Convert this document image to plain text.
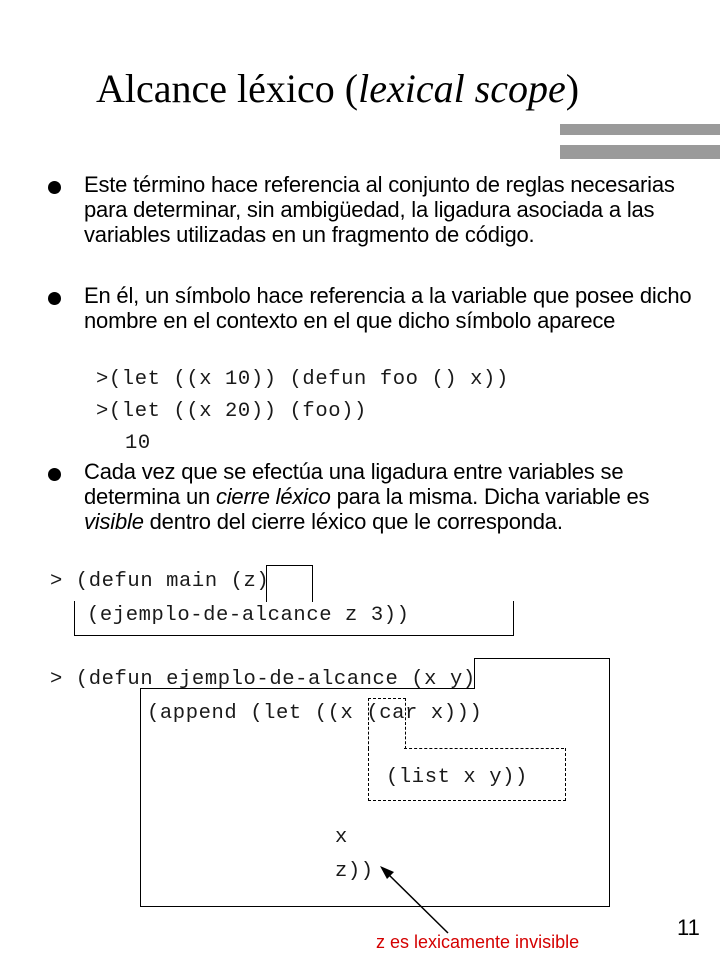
Alcance léxico (lexical scope)
Este término hace referencia al conjunto de reglas necesarias para determinar, sin ambigüedad, la ligadura asociada a las variables utilizadas en un fragmento de código.
En él, un símbolo hace referencia a la variable que posee dicho nombre en el contexto en el que dicho símbolo aparece
>(let ((x 10)) (defun foo () x))
>(let ((x 20)) (foo))
10
Cada vez que se efectúa una ligadura entre variables se determina un cierre léxico para la misma. Dicha variable es visible dentro del cierre léxico que le corresponda.
> (defun main (z)
(ejemplo-de-alcance z 3))
> (defun ejemplo-de-alcance (x y)
(append (let ((x (car x)))
(list x y))
x
z))
z es lexicamente invisible
11
